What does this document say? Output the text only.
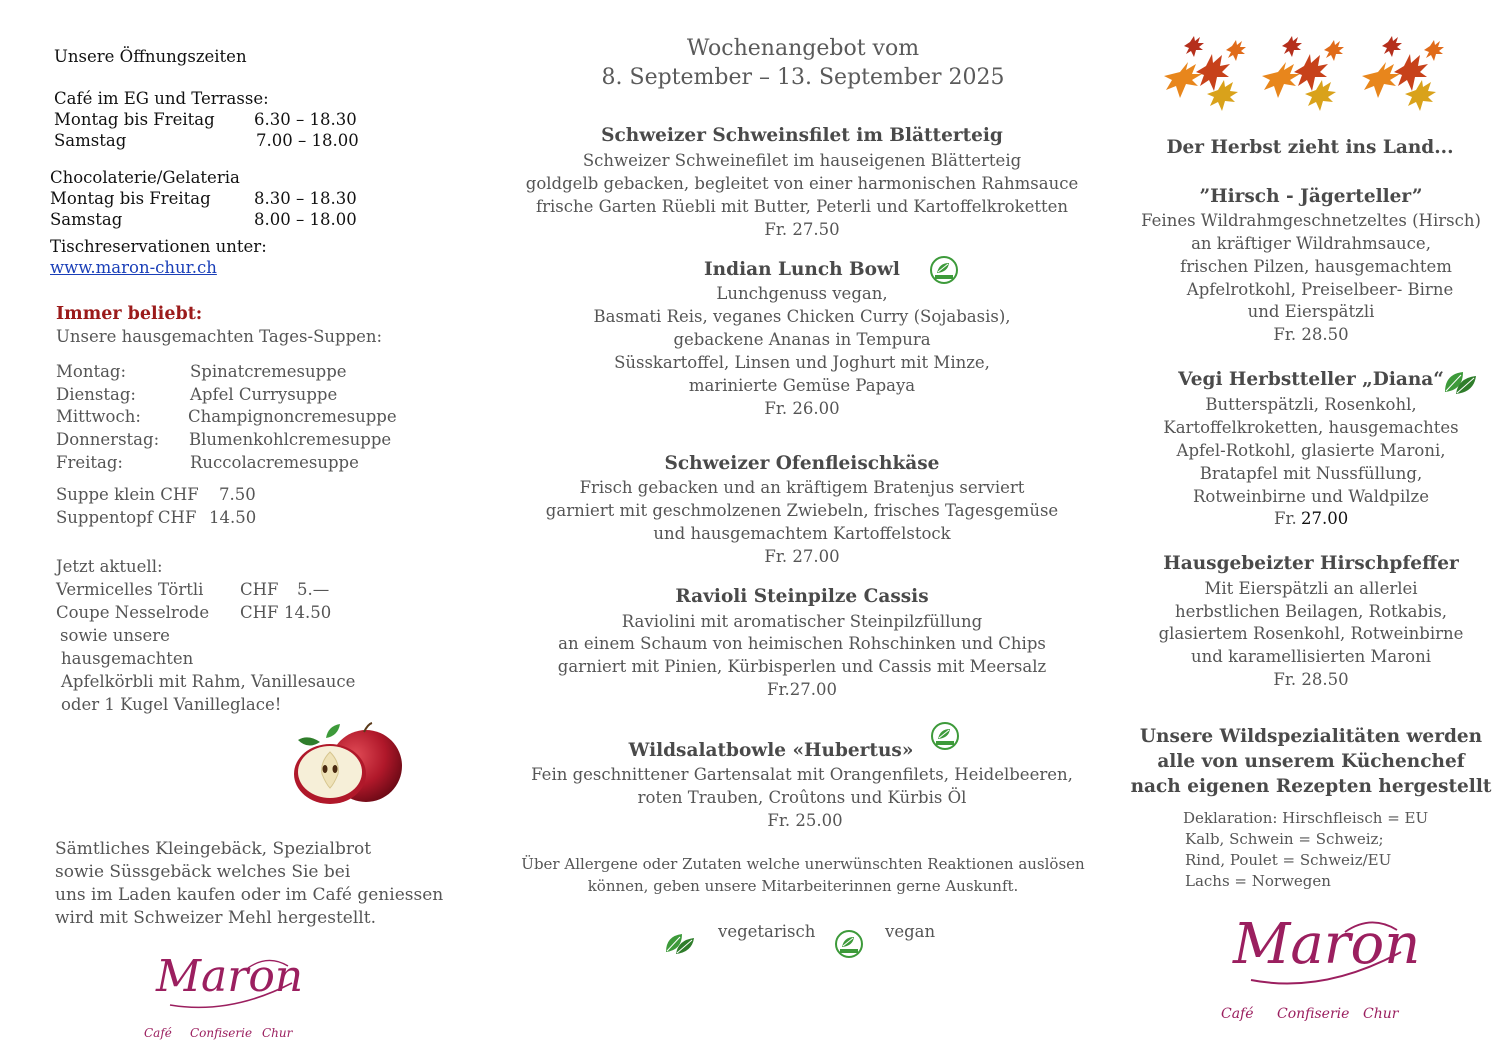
Unsere Öffnungszeiten
Café im EG und Terrasse:
Montag bis Freitag 6.30 – 18.30
Samstag	7.00 – 18.00
Chocolaterie/Gelateria
Montag bis Freitag	8.30 – 18.30
Samstag	8.00 – 18.00
Tischreservationen unter:
www.maron-chur.ch
Immer beliebt:
Unsere hausgemachten Tages-Suppen:
Montag:	Spinatcremesuppe
Dienstag:	Apfel Currysuppe
Mittwoch:	Champignoncremesuppe
Donnerstag: Blumenkohlcremesuppe
Freitag:	Ruccolacremesuppe
Suppe klein CHF 7.50
Suppentopf CHF 14.50
Jetzt aktuell:
Vermicelles Törtli CHF 5.—
Coupe Nesselrode CHF 14.50
sowie unsere
hausgemachten
Apfelkörbli mit Rahm, Vanillesauce
oder 1 Kugel Vanilleglace!
Sämtliches Kleingebäck, Spezialbrot
sowie Süssgebäck welches Sie bei
uns im Laden kaufen oder im Café geniessen
wird mit Schweizer Mehl hergestellt.
Maron
Café Confiserie Chur
Wochenangebot vom
8. September – 13. September 2025
Schweizer Schweinsfilet im Blätterteig
Schweizer Schweinefilet im hauseigenen Blätterteig
goldgelb gebacken, begleitet von einer harmonischen Rahmsauce
frische Garten Rüebli mit Butter, Peterli und Kartoffelkroketten
Fr. 27.50
Indian Lunch Bowl
Lunchgenuss vegan,
Basmati Reis, veganes Chicken Curry (Sojabasis),
gebackene Ananas in Tempura
Süsskartoffel, Linsen und Joghurt mit Minze,
marinierte Gemüse Papaya
Fr. 26.00
Schweizer Ofenfleischkäse
Frisch gebacken und an kräftigem Bratenjus serviert
garniert mit geschmolzenen Zwiebeln, frisches Tagesgemüse
und hausgemachtem Kartoffelstock
Fr. 27.00
Ravioli Steinpilze Cassis
Raviolini mit aromatischer Steinpilzfüllung
an einem Schaum von heimischen Rohschinken und Chips
garniert mit Pinien, Kürbisperlen und Cassis mit Meersalz
Fr.27.00
Wildsalatbowle «Hubertus»
Fein geschnittener Gartensalat mit Orangenfilets, Heidelbeeren,
roten Trauben, Croûtons und Kürbis Öl
Fr. 25.00
Über Allergene oder Zutaten welche unerwünschten Reaktionen auslösen
können, geben unsere Mitarbeiterinnen gerne Auskunft.
vegetarisch	vegan
Der Herbst zieht ins Land...
”Hirsch - Jägerteller”
Feines Wildrahmgeschnetzeltes (Hirsch)
an kräftiger Wildrahmsauce,
frischen Pilzen, hausgemachtem
Apfelrotkohl, Preiselbeer- Birne
und Eierspätzli
Fr. 28.50
Vegi Herbstteller „Diana“
Butterspätzli, Rosenkohl,
Kartoffelkroketten, hausgemachtes
Apfel-Rotkohl, glasierte Maroni,
Bratapfel mit Nussfüllung,
Rotweinbirne und Waldpilze
Fr. 27.00
Hausgebeizter Hirschpfeffer
Mit Eierspätzli an allerlei
herbstlichen Beilagen, Rotkabis,
glasiertem Rosenkohl, Rotweinbirne
und karamellisierten Maroni
Fr. 28.50
Unsere Wildspezialitäten werden
alle von unserem Küchenchef
nach eigenen Rezepten hergestellt
Deklaration: Hirschfleisch = EU
Kalb, Schwein = Schweiz;
Rind, Poulet = Schweiz/EU
Lachs = Norwegen
Maron
Café Confiserie Chur
